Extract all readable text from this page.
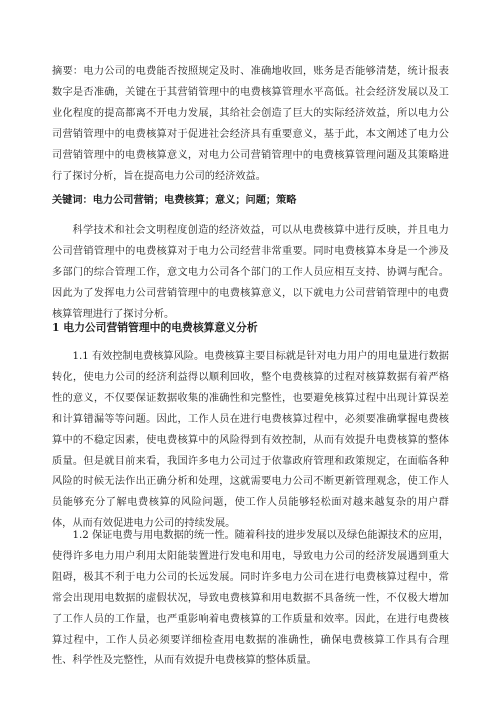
摘要：电力公司的电费能否按照规定及时、准确地收回，账务是否能够清楚，统计报表数字是否准确，关键在于其营销管理中的电费核算管理水平高低。社会经济发展以及工业化程度的提高都离不开电力发展，其给社会创造了巨大的实际经济效益，所以电力公司营销管理中的电费核算对于促进社会经济具有重要意义，基于此，本文阐述了电力公司营销管理中的电费核算意义，对电力公司营销管理中的电费核算管理问题及其策略进行了探讨分析，旨在提高电力公司的经济效益。

关键词：电力公司营销；电费核算；意义；问题；策略

科学技术和社会文明程度创造的经济效益，可以从电费核算中进行反映，并且电力公司营销管理中的电费核算对于电力公司经营非常重要。同时电费核算本身是一个涉及多部门的综合管理工作，意文电力公司各个部门的工作人员应相互支持、协调与配合。因此为了发挥电力公司营销管理中的电费核算意义，以下就电力公司营销管理中的电费核算管理进行了探讨分析。

1 电力公司营销管理中的电费核算意义分析

1.1 有效控制电费核算风险。电费核算主要目标就是针对电力用户的用电量进行数据转化，使电力公司的经济利益得以顺利回收，整个电费核算的过程对核算数据有着严格性的意义，不仅要保证数据收集的准确性和完整性，也要避免核算过程中出现计算误差和计算错漏等等问题。因此，工作人员在进行电费核算过程中，必须要准确掌握电费核算中的不稳定因素，使电费核算中的风险得到有效控制，从而有效提升电费核算的整体质量。但是就目前来看，我国许多电力公司过于依靠政府管理和政策规定，在面临各种风险的时候无法作出正确分析和处理，这就需要电力公司不断更新管理观念，使工作人员能够充分了解电费核算的风险问题，使工作人员能够轻松面对越来越复杂的用户群体，从而有效促进电力公司的持续发展。

1.2 保证电费与用电数据的统一性。随着科技的进步发展以及绿色能源技术的应用，使得许多电力用户利用太阳能装置进行发电和用电，导致电力公司的经济发展遇到重大阻碍，极其不利于电力公司的长远发展。同时许多电力公司在进行电费核算过程中，常常会出现用电数据的虚假状况，导致电费核算和用电数据不具备统一性，不仅极大增加了工作人员的工作量，也严重影响着电费核算的工作质量和效率。因此，在进行电费核算过程中，工作人员必须要详细检查用电数据的准确性，确保电费核算工作具有合理性、科学性及完整性，从而有效提升电费核算的整体质量。
